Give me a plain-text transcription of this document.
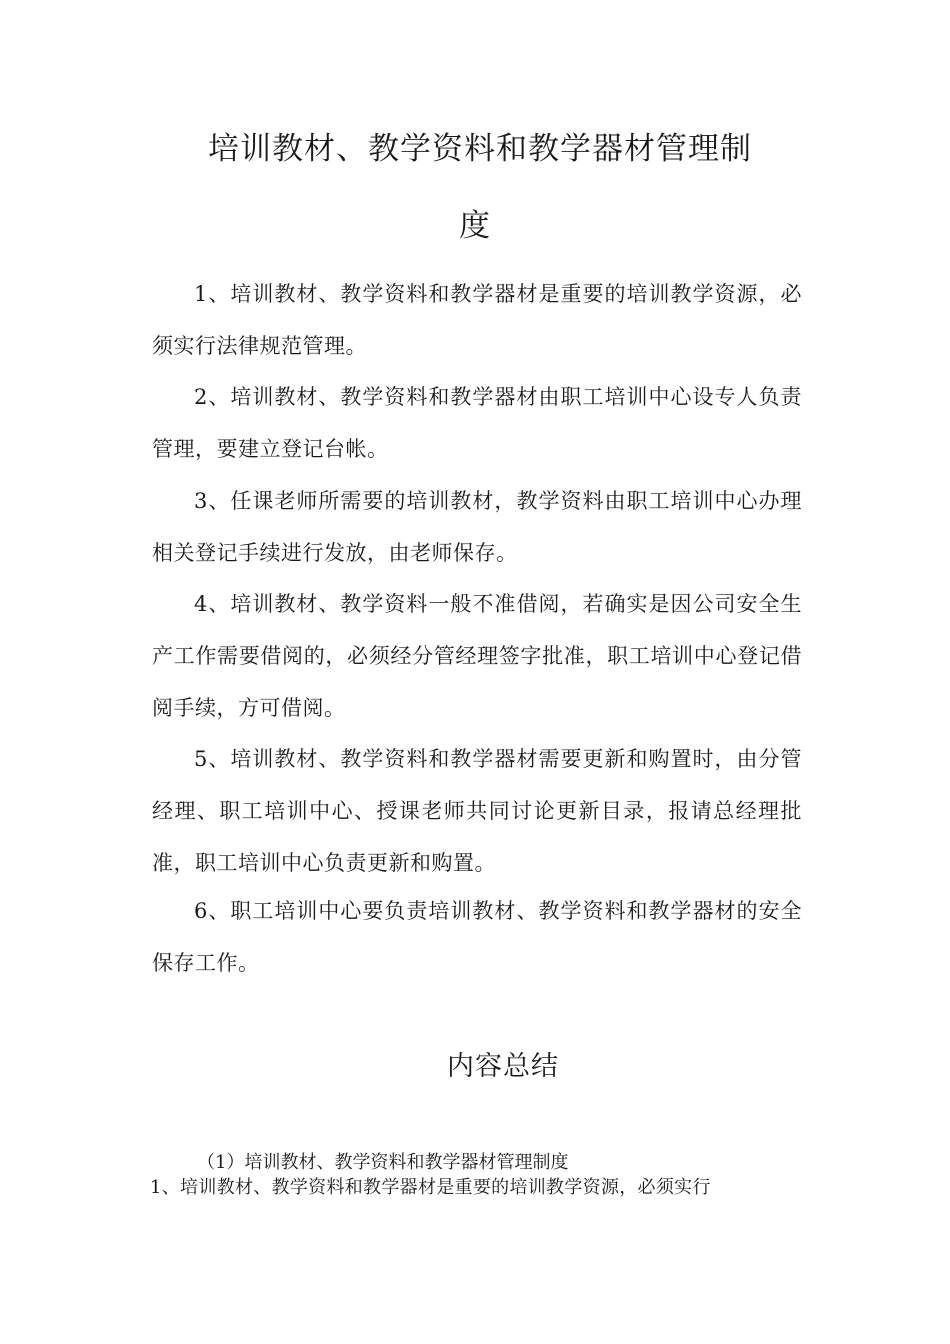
培训教材、教学资料和教学器材管理制
度

1、培训教材、教学资料和教学器材是重要的培训教学资源，必须实行法律规范管理。

2、培训教材、教学资料和教学器材由职工培训中心设专人负责管理，要建立登记台帐。

3、任课老师所需要的培训教材，教学资料由职工培训中心办理相关登记手续进行发放，由老师保存。

4、培训教材、教学资料一般不准借阅，若确实是因公司安全生产工作需要借阅的，必须经分管经理签字批准，职工培训中心登记借阅手续，方可借阅。

5、培训教材、教学资料和教学器材需要更新和购置时，由分管经理、职工培训中心、授课老师共同讨论更新目录，报请总经理批准，职工培训中心负责更新和购置。

6、职工培训中心要负责培训教材、教学资料和教学器材的安全保存工作。

内容总结
（1）培训教材、教学资料和教学器材管理制度
1、培训教材、教学资料和教学器材是重要的培训教学资源，必须实行
